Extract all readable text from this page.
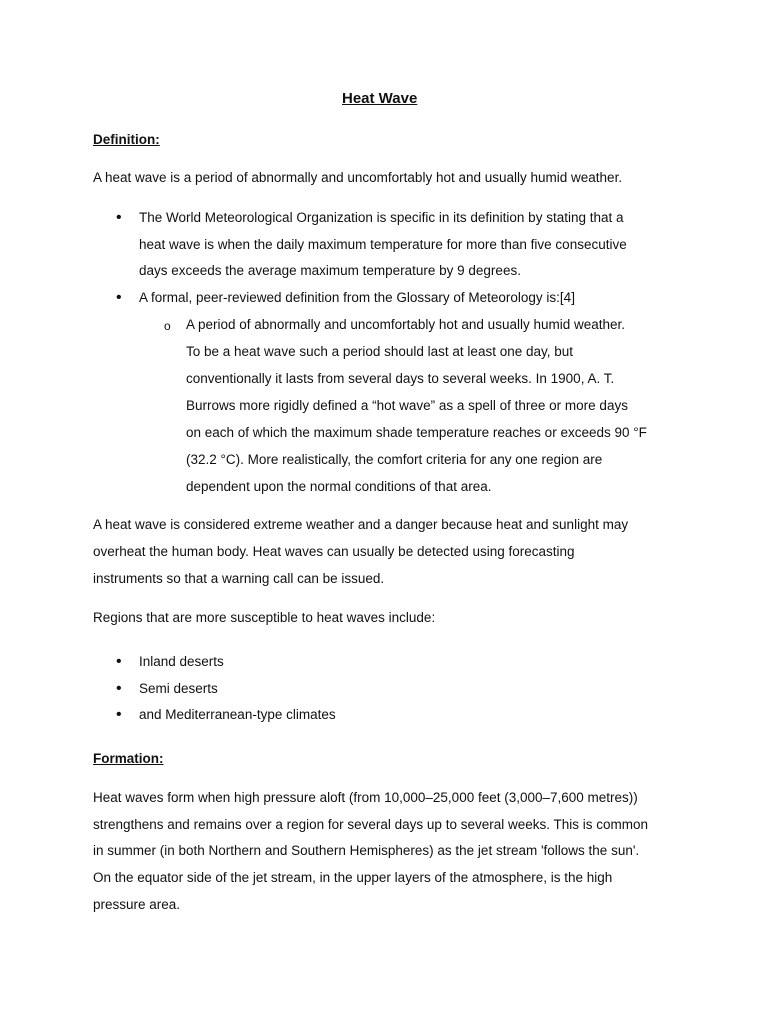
Heat Wave
Definition:
A heat wave is a period of abnormally and uncomfortably hot and usually humid weather.
• The World Meteorological Organization is specific in its definition by stating that a
heat wave is when the daily maximum temperature for more than five consecutive
days exceeds the average maximum temperature by 9 degrees.
• A formal, peer-reviewed definition from the Glossary of Meteorology is:[4]
o A period of abnormally and uncomfortably hot and usually humid weather.
To be a heat wave such a period should last at least one day, but
conventionally it lasts from several days to several weeks. In 1900, A. T.
Burrows more rigidly defined a “hot wave” as a spell of three or more days
on each of which the maximum shade temperature reaches or exceeds 90 °F
(32.2 °C). More realistically, the comfort criteria for any one region are
dependent upon the normal conditions of that area.
A heat wave is considered extreme weather and a danger because heat and sunlight may
overheat the human body. Heat waves can usually be detected using forecasting
instruments so that a warning call can be issued.
Regions that are more susceptible to heat waves include:
• Inland deserts
• Semi deserts
• and Mediterranean-type climates
Formation:
Heat waves form when high pressure aloft (from 10,000–25,000 feet (3,000–7,600 metres))
strengthens and remains over a region for several days up to several weeks. This is common
in summer (in both Northern and Southern Hemispheres) as the jet stream 'follows the sun'.
On the equator side of the jet stream, in the upper layers of the atmosphere, is the high
pressure area.
